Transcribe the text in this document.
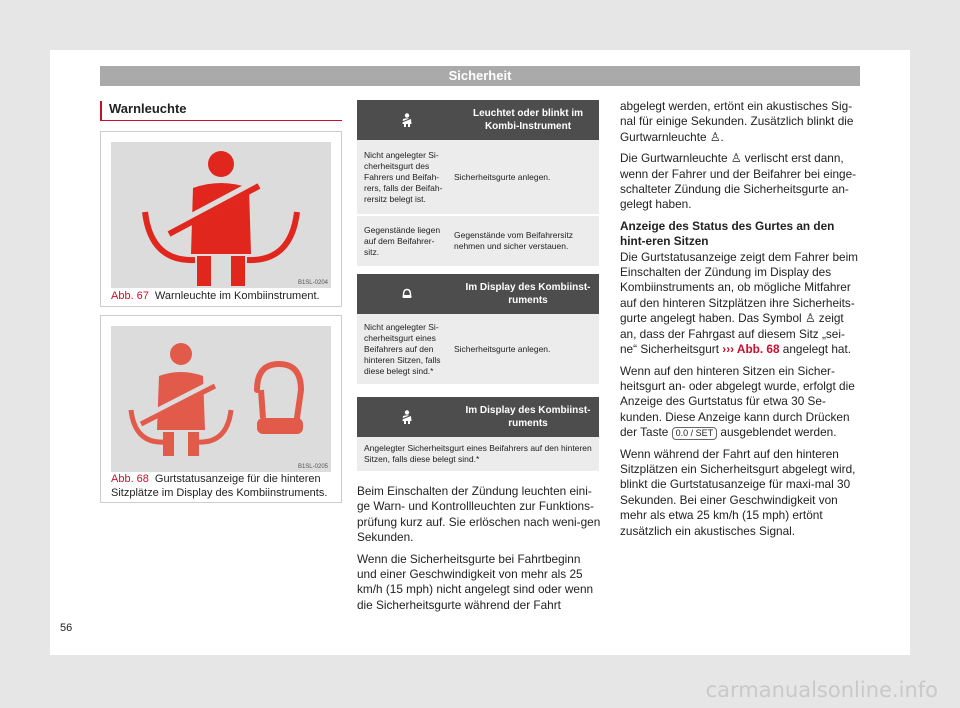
Sicherheit
Warnleuchte
B1SL-0204
Abb. 67 Warnleuchte im Kombiinstrument.
B1SL-0205
Abb. 68 Gurtstatusanzeige für die hinteren Sitzplätze im Display des Kombiinstruments.
Leuchtet oder blinkt im Kombi-Instrument
Nicht angelegter Si-cherheitsgurt des Fahrers und Beifah-rers, falls der Beifah-rersitz belegt ist.
Sicherheitsgurte anlegen.
Gegenstände liegen auf dem Beifahrer-sitz.
Gegenstände vom Beifahrersitz nehmen und sicher verstauen.
Im Display des Kombiinst-ruments
Nicht angelegter Si-cherheitsgurt eines Beifahrers auf den hinteren Sitzen, falls diese belegt sind.*
Sicherheitsgurte anlegen.
Im Display des Kombiinst-ruments
Angelegter Sicherheitsgurt eines Beifahrers auf den hinteren Sitzen, falls diese belegt sind.*

Beim Einschalten der Zündung leuchten eini-ge Warn- und Kontrollleuchten zur Funktions-prüfung kurz auf. Sie erlöschen nach weni-gen Sekunden.

Wenn die Sicherheitsgurte bei Fahrtbeginn und einer Geschwindigkeit von mehr als 25 km/h (15 mph) nicht angelegt sind oder wenn die Sicherheitsgurte während der Fahrt

abgelegt werden, ertönt ein akustisches Sig-nal für einige Sekunden. Zusätzlich blinkt die Gurtwarnleuchte ♙.

Die Gurtwarnleuchte ♙ verlischt erst dann, wenn der Fahrer und der Beifahrer bei einge-schalteter Zündung die Sicherheitsgurte an-gelegt haben.

Anzeige des Status des Gurtes an den hint-eren Sitzen

Die Gurtstatusanzeige zeigt dem Fahrer beim Einschalten der Zündung im Display des Kombiinstruments an, ob mögliche Mitfahrer auf den hinteren Sitzplätzen ihre Sicherheits-gurte angelegt haben. Das Symbol ♙ zeigt an, dass der Fahrgast auf diesem Sitz „sei-ne“ Sicherheitsgurt ››› Abb. 68 angelegt hat.

Wenn auf den hinteren Sitzen ein Sicher-heitsgurt an- oder abgelegt wurde, erfolgt die Anzeige des Gurtstatus für etwa 30 Se-kunden. Diese Anzeige kann durch Drücken der Taste 0.0 / SET ausgeblendet werden.

Wenn während der Fahrt auf den hinteren Sitzplätzen ein Sicherheitsgurt abgelegt wird, blinkt die Gurtstatusanzeige für maxi-mal 30 Sekunden. Bei einer Geschwindigkeit von mehr als etwa 25 km/h (15 mph) ertönt zusätzlich ein akustisches Signal.

56
carmanualsonline.info
